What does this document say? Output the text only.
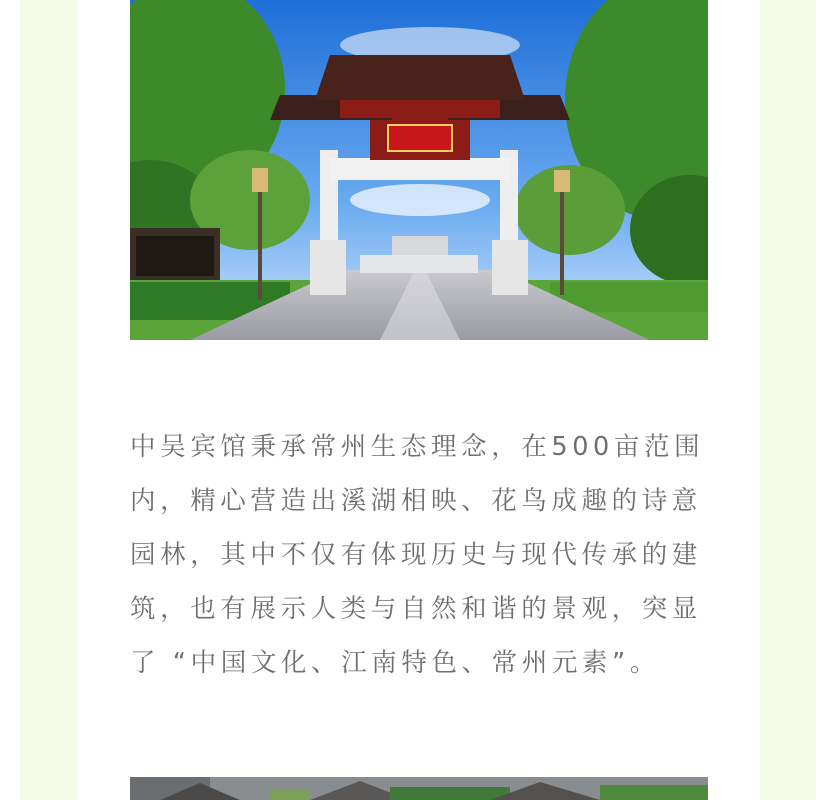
中吴宾馆秉承常州生态理念，在500亩范围
内，精心营造出溪湖相映、花鸟成趣的诗意
园林，其中不仅有体现历史与现代传承的建
筑，也有展示人类与自然和谐的景观，突显
了 “中国文化、江南特色、常州元素”。
